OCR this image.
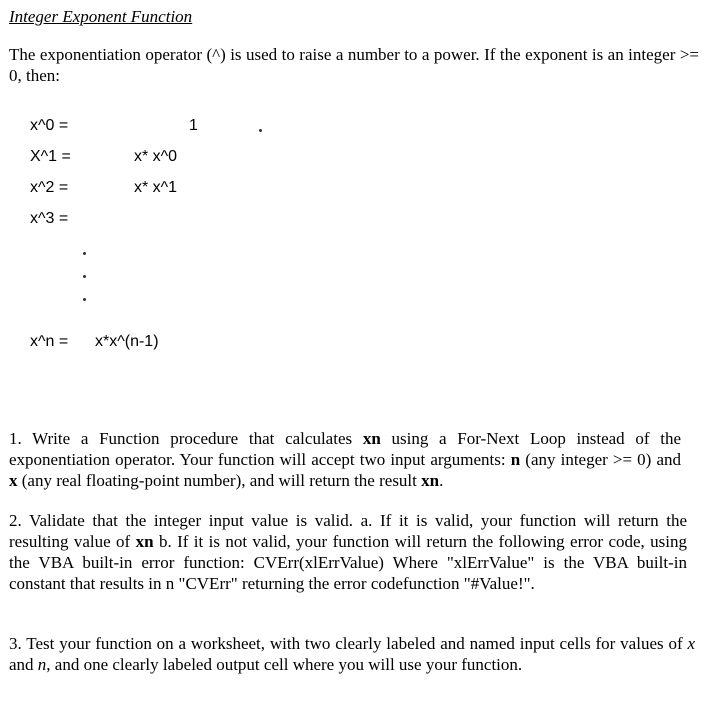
Integer Exponent Function

The exponentiation operator (^) is used to raise a number to a power. If the exponent is an integer >= 0, then:

x^0 =	1
X^1 =	x* x^0
x^2 =	x* x^1
x^3 =
x^n = x*x^(n-1)

1. Write a Function procedure that calculates xn using a For-Next Loop instead of the exponentiation operator. Your function will accept two input arguments: n (any integer >= 0) and x (any real floating-point number), and will return the result xn.

2. Validate that the integer input value is valid. a. If it is valid, your function will return the resulting value of xn b. If it is not valid, your function will return the following error code, using the VBA built-in error function: CVErr(xlErrValue) Where "xlErrValue" is the VBA built-in constant that results in n "CVErr" returning the error codefunction "#Value!".

3. Test your function on a worksheet, with two clearly labeled and named input cells for values of x and n, and one clearly labeled output cell where you will use your function.
